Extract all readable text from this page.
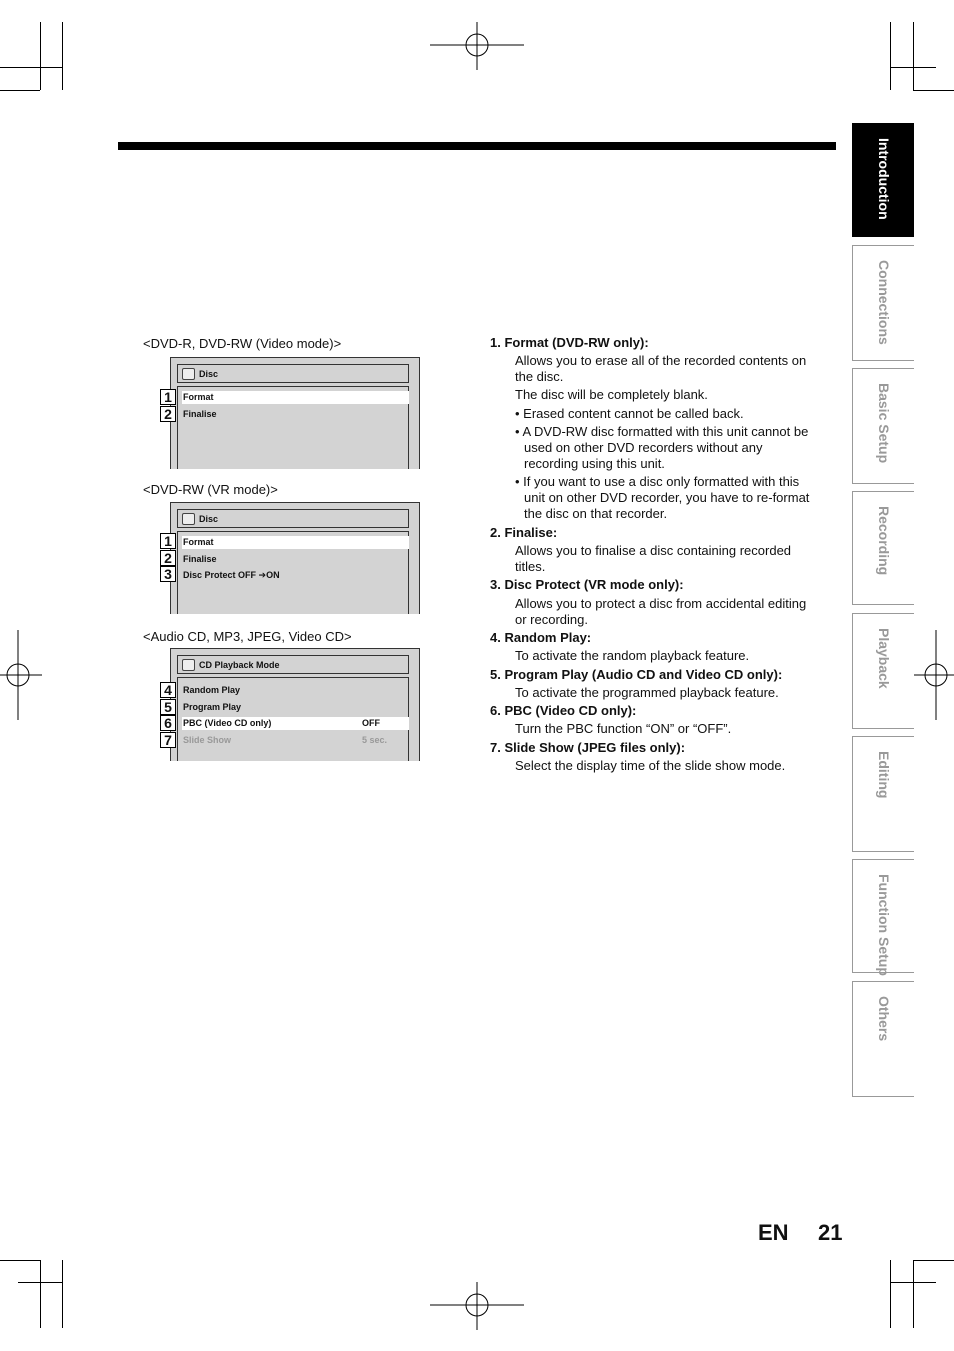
Introduction
Connections
Basic Setup
Recording
Playback
Editing
Function Setup
Others
<DVD-R, DVD-RW (Video mode)>
Disc
Format
Finalise
1
2
<DVD-RW (VR mode)>
Disc
Format
Finalise
Disc Protect OFF ➔ON
1
2
3
<Audio CD, MP3, JPEG, Video CD>
CD Playback Mode
Random Play
Program Play
PBC (Video CD only)	OFF
Slide Show	5 sec.
4
5
6
7
1. Format (DVD-RW only):
Allows you to erase all of the recorded contents on
the disc.
The disc will be completely blank.
• Erased content cannot be called back.
• A DVD-RW disc formatted with this unit cannot be
used on other DVD recorders without any
recording using this unit.
• If you want to use a disc only formatted with this
unit on other DVD recorder, you have to re-format
the disc on that recorder.
2. Finalise:
Allows you to finalise a disc containing recorded
titles.
3. Disc Protect (VR mode only):
Allows you to protect a disc from accidental editing
or recording.
4. Random Play:
To activate the random playback feature.
5. Program Play (Audio CD and Video CD only):
To activate the programmed playback feature.
6. PBC (Video CD only):
Turn the PBC function “ON” or “OFF”.
7. Slide Show (JPEG files only):
Select the display time of the slide show mode.
EN 21
